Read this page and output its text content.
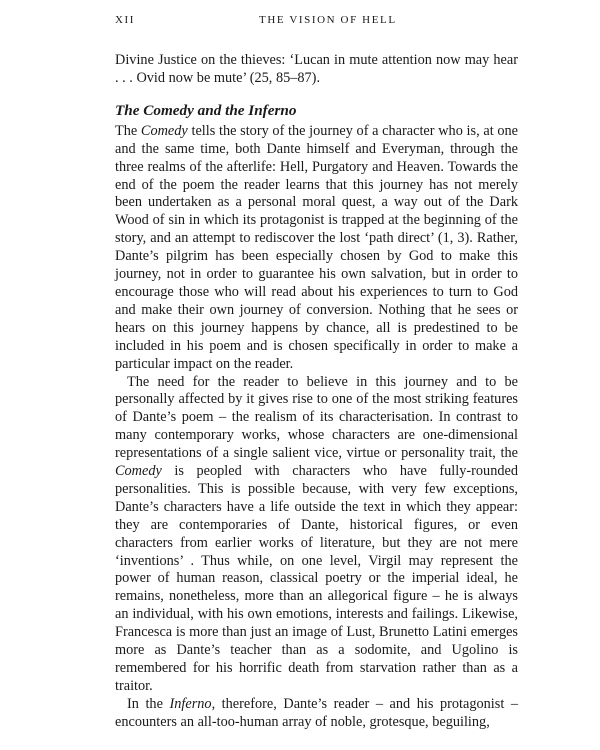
XII	THE VISION OF HELL

Divine Justice on the thieves: ‘Lucan in mute attention now may hear . . . Ovid now be mute’ (25, 85–87).

The Comedy and the Inferno

The Comedy tells the story of the journey of a character who is, at one and the same time, both Dante himself and Everyman, through the three realms of the afterlife: Hell, Purgatory and Heaven. Towards the end of the poem the reader learns that this journey has not merely been undertaken as a personal moral quest, a way out of the Dark Wood of sin in which its protagonist is trapped at the beginning of the story, and an attempt to rediscover the lost ‘path direct’ (1, 3). Rather, Dante’s pilgrim has been especially chosen by God to make this journey, not in order to guarantee his own salvation, but in order to encourage those who will read about his experiences to turn to God and make their own journey of conversion. Nothing that he sees or hears on this journey happens by chance, all is predestined to be included in his poem and is chosen specifically in order to make a particular impact on the reader.

The need for the reader to believe in this journey and to be personally affected by it gives rise to one of the most striking features of Dante’s poem – the realism of its characterisation. In contrast to many contemporary works, whose characters are one-dimensional representations of a single salient vice, virtue or personality trait, the Comedy is peopled with characters who have fully-rounded personalities. This is possible because, with very few exceptions, Dante’s characters have a life outside the text in which they appear: they are contemporaries of Dante, historical figures, or even characters from earlier works of literature, but they are not mere ‘inventions’ . Thus while, on one level, Virgil may represent the power of human reason, classical poetry or the imperial ideal, he remains, nonetheless, more than an allegorical figure – he is always an individual, with his own emotions, interests and failings. Likewise, Francesca is more than just an image of Lust, Brunetto Latini emerges more as Dante’s teacher than as a sodomite, and Ugolino is remembered for his horrific death from starvation rather than as a traitor.

In the Inferno, therefore, Dante’s reader – and his protagonist – encounters an all-too-human array of noble, grotesque, beguiling,
